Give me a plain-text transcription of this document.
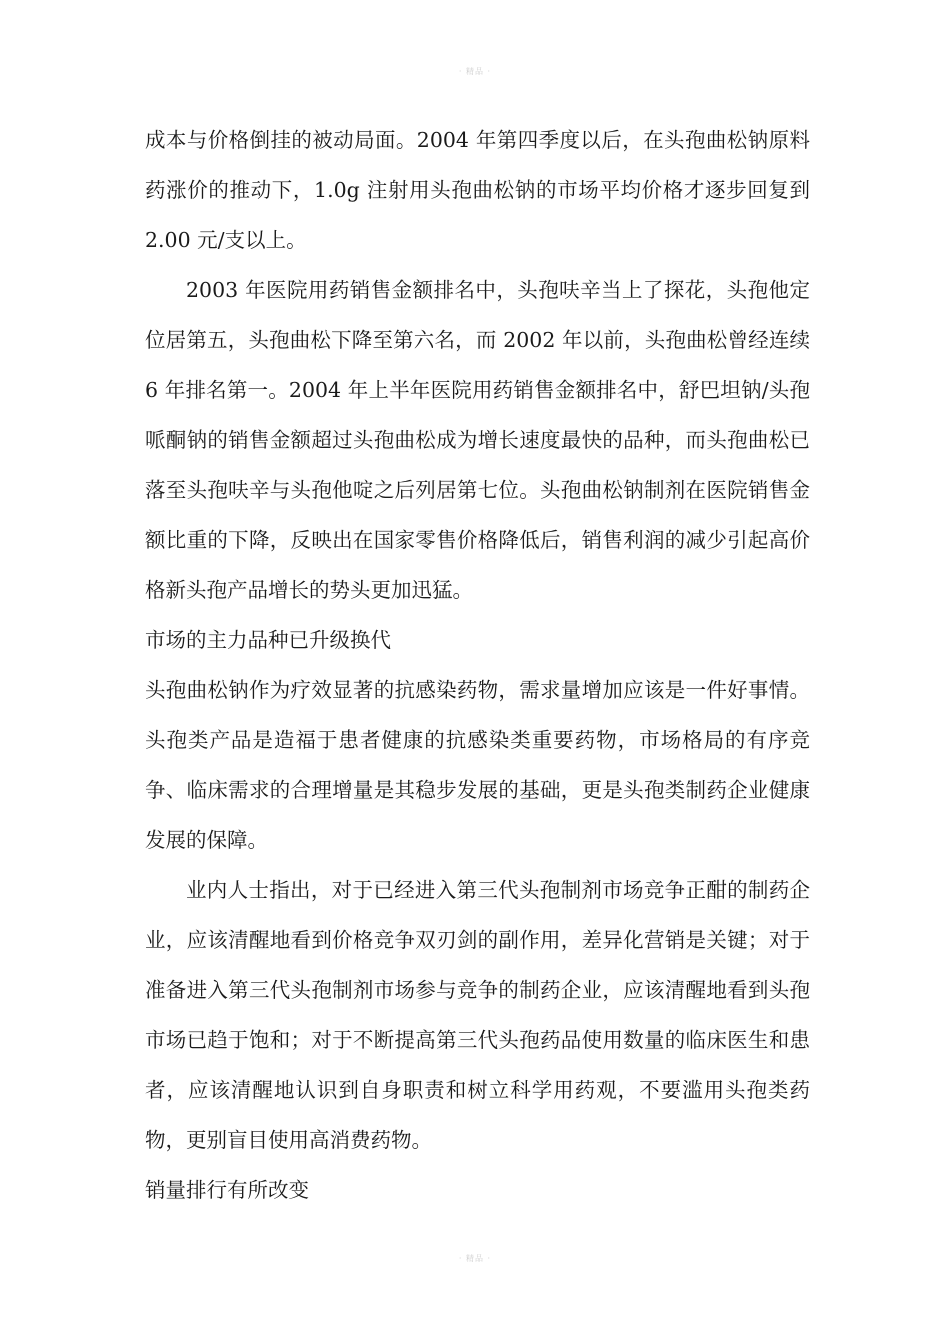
· 精品 ·

成本与价格倒挂的被动局面。2004 年第四季度以后，在头孢曲松钠原料药涨价的推动下，1.0g 注射用头孢曲松钠的市场平均价格才逐步回复到 2.00 元/支以上。

2003 年医院用药销售金额排名中，头孢呋辛当上了探花，头孢他定位居第五，头孢曲松下降至第六名，而 2002 年以前，头孢曲松曾经连续 6 年排名第一。2004 年上半年医院用药销售金额排名中，舒巴坦钠/头孢哌酮钠的销售金额超过头孢曲松成为增长速度最快的品种，而头孢曲松已落至头孢呋辛与头孢他啶之后列居第七位。头孢曲松钠制剂在医院销售金额比重的下降，反映出在国家零售价格降低后，销售利润的减少引起高价格新头孢产品增长的势头更加迅猛。

市场的主力品种已升级换代

头孢曲松钠作为疗效显著的抗感染药物，需求量增加应该是一件好事情。头孢类产品是造福于患者健康的抗感染类重要药物，市场格局的有序竞争、临床需求的合理增量是其稳步发展的基础，更是头孢类制药企业健康发展的保障。

业内人士指出，对于已经进入第三代头孢制剂市场竞争正酣的制药企业，应该清醒地看到价格竞争双刃剑的副作用，差异化营销是关键；对于准备进入第三代头孢制剂市场参与竞争的制药企业，应该清醒地看到头孢市场已趋于饱和；对于不断提高第三代头孢药品使用数量的临床医生和患者，应该清醒地认识到自身职责和树立科学用药观，不要滥用头孢类药物，更别盲目使用高消费药物。

销量排行有所改变

· 精品 ·
